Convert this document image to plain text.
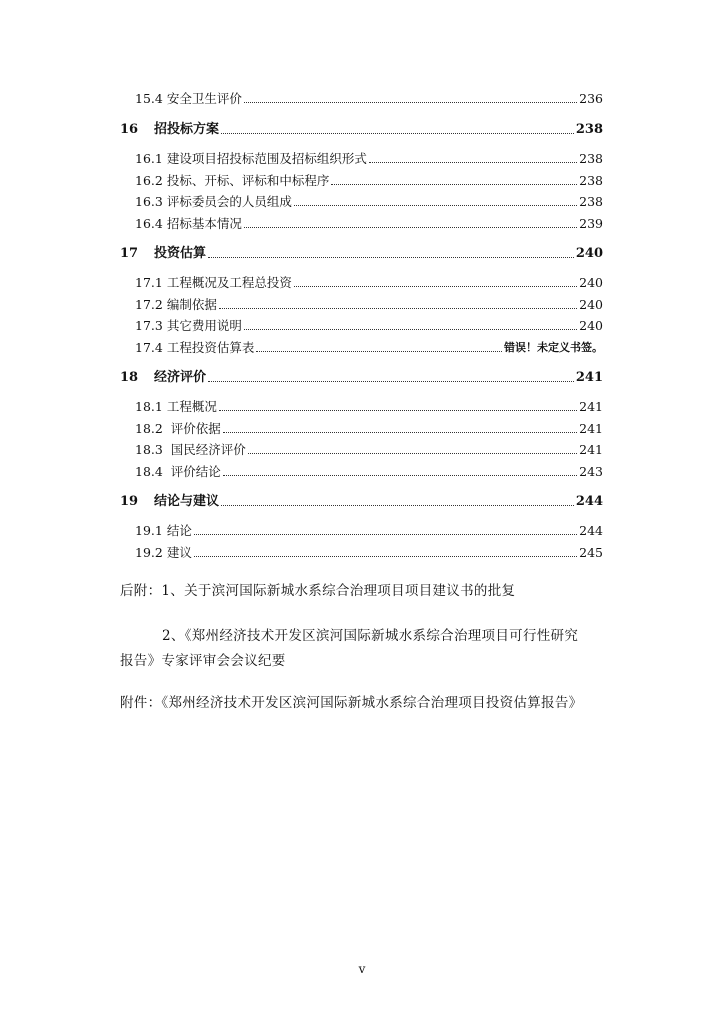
15.4 安全卫生评价	236
16	招投标方案	238
16.1 建设项目招投标范围及招标组织形式	238
16.2 投标、开标、评标和中标程序	238
16.3 评标委员会的人员组成	238
16.4 招标基本情况	239
17	投资估算	240
17.1 工程概况及工程总投资	240
17.2 编制依据	240
17.3 其它费用说明	240
17.4 工程投资估算表	错误！未定义书签。
18	经济评价	241
18.1 工程概况	241
18.2 评价依据	241
18.3 国民经济评价	241
18.4 评价结论	243
19	结论与建议	244
19.1 结论	244
19.2 建议	245
后附：1、关于滨河国际新城水系综合治理项目项目建议书的批复
2、《郑州经济技术开发区滨河国际新城水系综合治理项目可行性研究
报告》专家评审会会议纪要
附件：《郑州经济技术开发区滨河国际新城水系综合治理项目投资估算报告》
v
